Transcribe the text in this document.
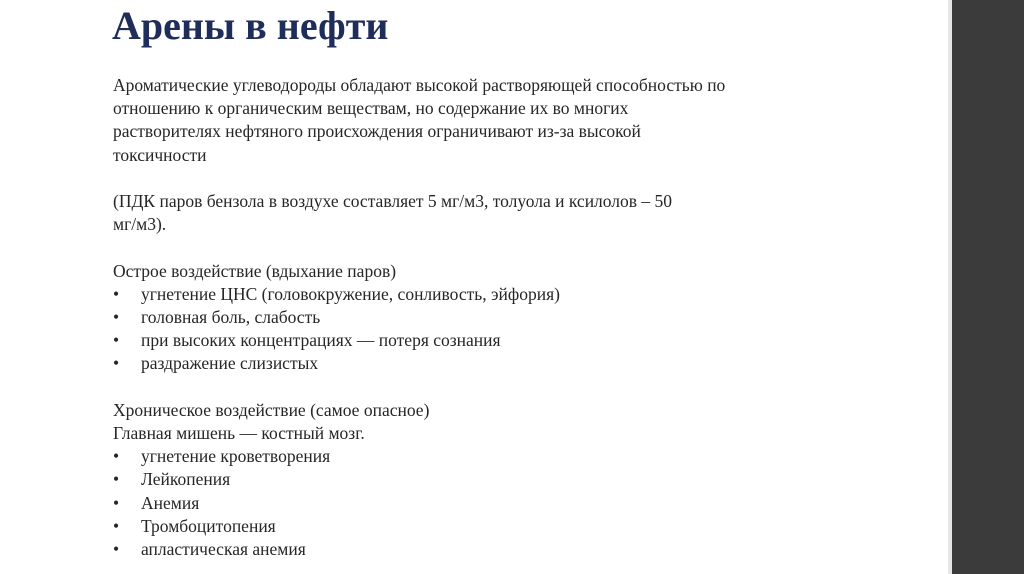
Арены в нефти

Ароматические углеводороды обладают высокой растворяющей способностью по

отношению к органическим веществам, но содержание их во многих

растворителях нефтяного происхождения ограничивают из-за высокой

токсичности

(ПДК паров бензола в воздухе составляет 5 мг/м3, толуола и ксилолов – 50

мг/м3).

Острое воздействие (вдыхание паров)

•	угнетение ЦНС (головокружение, сонливость, эйфория)
•	головная боль, слабость
•	при высоких концентрациях — потеря сознания
•	раздражение слизистых

Хроническое воздействие (самое опасное)

Главная мишень — костный мозг.

•	угнетение кроветворения
•	Лейкопения
•	Анемия
•	Тромбоцитопения
•	апластическая анемия
